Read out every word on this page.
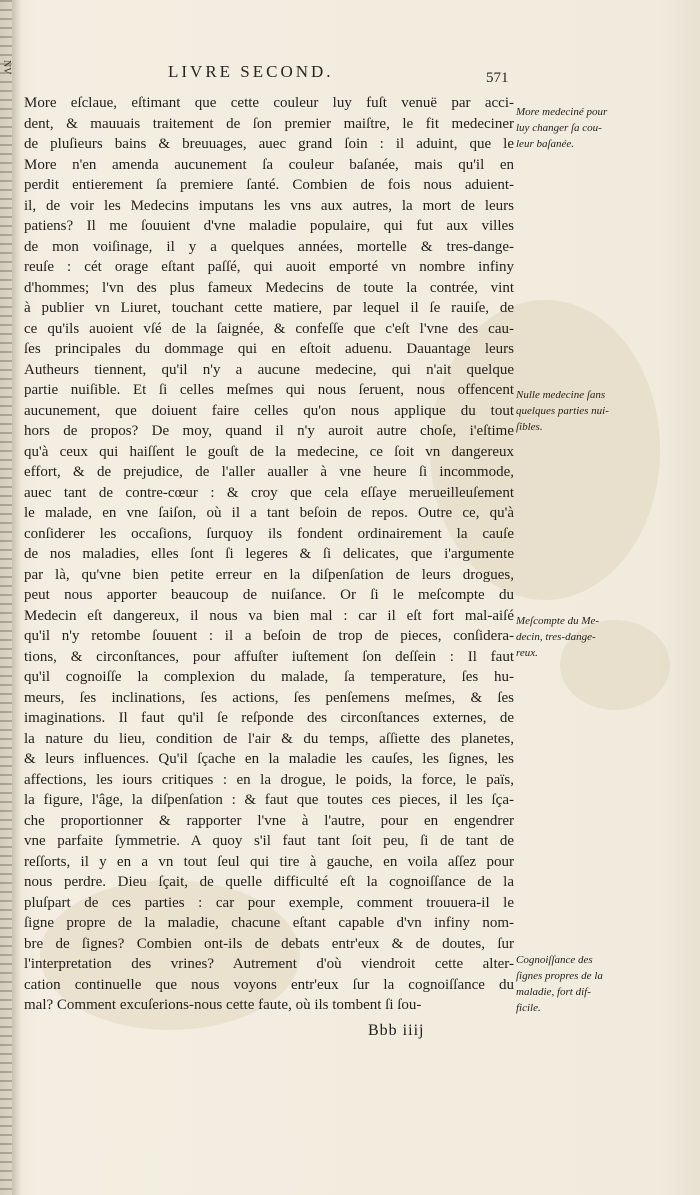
NV	LIVRE SECOND.	571
More eſclaue, eſtimant que cette couleur luy fuſt venuë par acci-
dent, & mauuais traitement de ſon premier maiſtre, le fit medeciner
de pluſieurs bains & breuuages, auec grand ſoin : il aduint, que le
More n'en amenda aucunement ſa couleur baſanée, mais qu'il en
perdit entierement ſa premiere ſanté. Combien de fois nous aduient-
il, de voir les Medecins imputans les vns aux autres, la mort de leurs
patiens? Il me ſouuient d'vne maladie populaire, qui fut aux villes
de mon voiſinage, il y a quelques années, mortelle & tres-dange-
reuſe : cét orage eſtant paſſé, qui auoit emporté vn nombre infiny
d'hommes; l'vn des plus fameux Medecins de toute la contrée, vint
à publier vn Liuret, touchant cette matiere, par lequel il ſe rauiſe, de
ce qu'ils auoient vſé de la ſaignée, & confeſſe que c'eſt l'vne des cau-
ſes principales du dommage qui en eſtoit aduenu. Dauantage leurs
Autheurs tiennent, qu'il n'y a aucune medecine, qui n'ait quelque
partie nuiſible. Et ſi celles meſmes qui nous ſeruent, nous offencent
aucunement, que doiuent faire celles qu'on nous applique du tout
hors de propos? De moy, quand il n'y auroit autre choſe, i'eſtime
qu'à ceux qui haiſſent le gouſt de la medecine, ce ſoit vn dangereux
effort, & de prejudice, de l'aller aualler à vne heure ſi incommode,
auec tant de contre-cœur : & croy que cela eſſaye merueilleuſement
le malade, en vne ſaiſon, où il a tant beſoin de repos. Outre ce, qu'à
conſiderer les occaſions, ſurquoy ils fondent ordinairement la cauſe
de nos maladies, elles ſont ſi legeres & ſi delicates, que i'argumente
par là, qu'vne bien petite erreur en la diſpenſation de leurs drogues,
peut nous apporter beaucoup de nuiſance. Or ſi le meſcompte du
Medecin eſt dangereux, il nous va bien mal : car il eſt fort mal-aiſé
qu'il n'y retombe ſouuent : il a beſoin de trop de pieces, conſidera-
tions, & circonſtances, pour affuſter iuſtement ſon deſſein : Il faut
qu'il cognoiſſe la complexion du malade, ſa temperature, ſes hu-
meurs, ſes inclinations, ſes actions, ſes penſemens meſmes, & ſes
imaginations. Il faut qu'il ſe reſponde des circonſtances externes, de
la nature du lieu, condition de l'air & du temps, aſſiette des planetes,
& leurs influences. Qu'il ſçache en la maladie les cauſes, les ſignes, les
affections, les iours critiques : en la drogue, le poids, la force, le païs,
la figure, l'âge, la diſpenſation : & faut que toutes ces pieces, il les ſça-
che proportionner & rapporter l'vne à l'autre, pour en engendrer
vne parfaite ſymmetrie. A quoy s'il faut tant ſoit peu, ſi de tant de
reſſorts, il y en a vn tout ſeul qui tire à gauche, en voila aſſez pour
nous perdre. Dieu ſçait, de quelle difficulté eſt la cognoiſſance de la
pluſpart de ces parties : car pour exemple, comment trouuera-il le
ſigne propre de la maladie, chacune eſtant capable d'vn infiny nom-
bre de ſignes? Combien ont-ils de debats entr'eux & de doutes, ſur
l'interpretation des vrines? Autrement d'où viendroit cette alter-
cation continuelle que nous voyons entr'eux ſur la cognoiſſance du
mal? Comment excuſerions-nous cette faute, où ils tombent ſi ſou-
More medeciné pour
luy changer ſa cou-
leur baſanée.
Nulle medecine ſans
quelques parties nui-
ſibles.
Meſcompte du Me-
decin, tres-dange-
reux.
Cognoiſſance des
ſignes propres de la
maladie, fort dif-
ficile.
Bbb iiij
